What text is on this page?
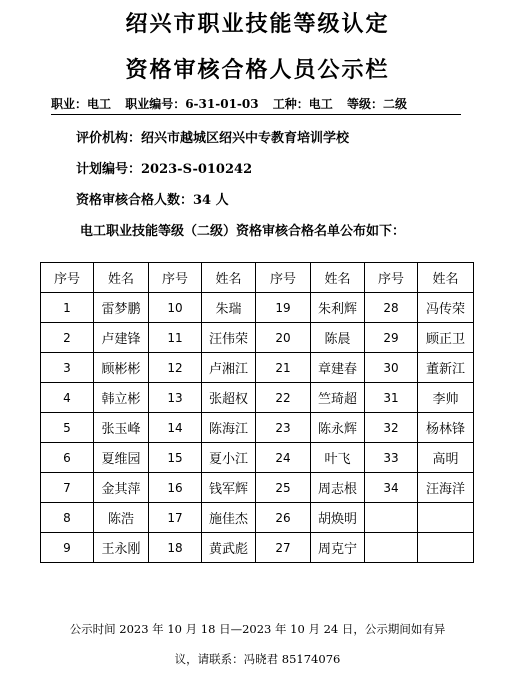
绍兴市职业技能等级认定
资格审核合格人员公示栏
职业：电工 职业编号：6-31-01-03 工种：电工 等级：二级
评价机构：绍兴市越城区绍兴中专教育培训学校
计划编号：2023-S-010242
资格审核合格人数：34 人
电工职业技能等级（二级）资格审核合格名单公布如下：
序号	姓名	序号	姓名	序号	姓名	序号	姓名
1	雷梦鹏	10	朱瑞	19	朱利辉	28	冯传荣
2	卢建锋	11	汪伟荣	20	陈晨	29	顾正卫
3	顾彬彬	12	卢湘江	21	章建春	30	董新江
4	韩立彬	13	张超权	22	竺琦超	31	李帅
5	张玉峰	14	陈海江	23	陈永辉	32	杨林锋
6	夏维园	15	夏小江	24	叶飞	33	高明
7	金其萍	16	钱军辉	25	周志根	34	汪海洋
8	陈浩	17	施佳杰	26	胡焕明		
9	王永刚	18	黄武彪	27	周克宁		
公示时间 2023 年 10 月 18 日—2023 年 10 月 24 日，公示期间如有异
议，请联系：冯晓君 85174076
